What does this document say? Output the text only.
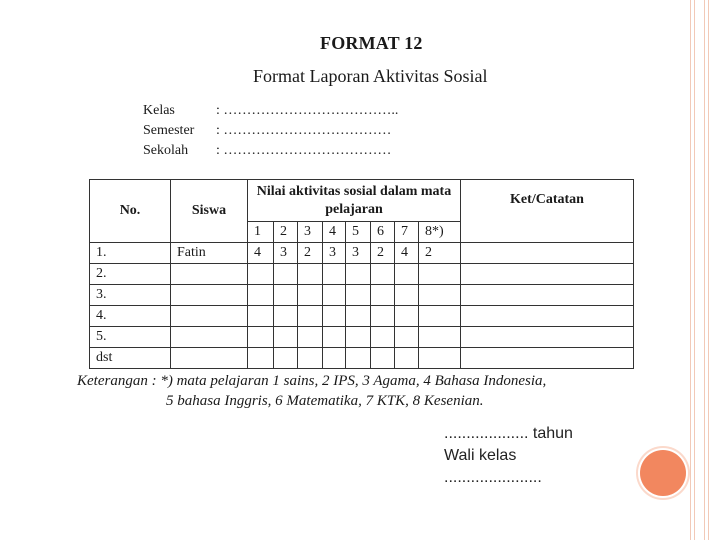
FORMAT 12
Format Laporan Aktivitas Sosial
Kelas	: ………………………………..
Semester : ………………………………
Sekolah : ………………………………
No.	Siswa	Nilai aktivitas sosial dalam mata pelajaran								Ket/Catatan
		1	2	3	4	5	6	7	8*)	
1.	Fatin	4	3	2	3	3	2	4	2	
2.										
3.										
4.										
5.										
dst										
Keterangan : *) mata pelajaran 1 sains, 2 IPS, 3 Agama, 4 Bahasa Indonesia,
5 bahasa Inggris, 6 Matematika, 7 KTK, 8 Kesenian.
................... tahun
Wali kelas
......................
